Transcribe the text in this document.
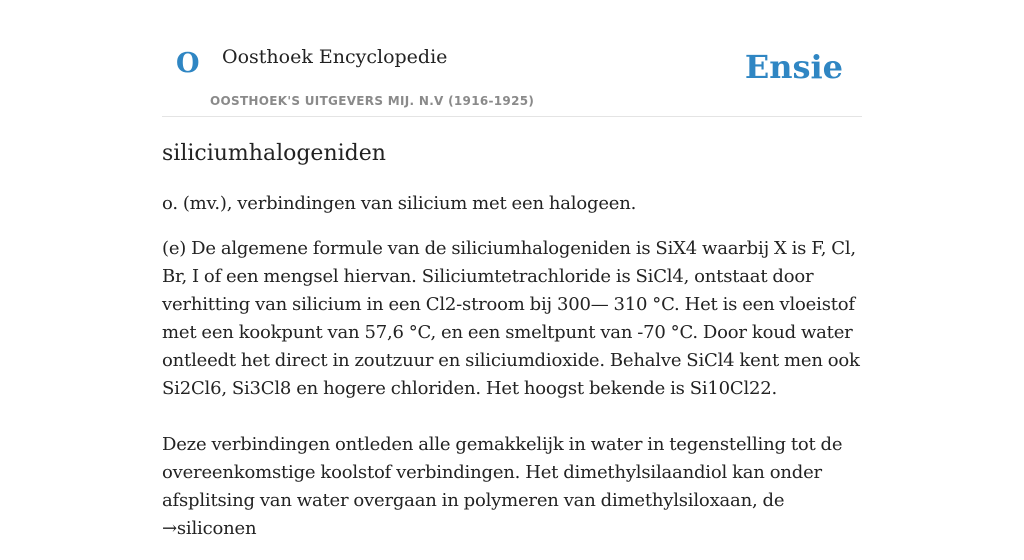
O Oosthoek Encyclopedie
OOSTHOEK'S UITGEVERS MIJ. N.V (1916-1925)
Ensie
siliciumhalogeniden

o. (mv.), verbindingen van silicium met een halogeen.

(e) De algemene formule van de siliciumhalogeniden is SiX4 waarbij X is F, Cl, Br, I of een mengsel hiervan. Siliciumtetrachloride is SiCl4, ontstaat door verhitting van silicium in een Cl2-stroom bij 300— 310 °C. Het is een vloeistof met een kookpunt van 57,6 °C, en een smeltpunt van -70 °C. Door koud water ontleedt het direct in zoutzuur en siliciumdioxide. Behalve SiCl4 kent men ook Si2Cl6, Si3Cl8 en hogere chloriden. Het hoogst bekende is Si10Cl22.

Deze verbindingen ontleden alle gemakkelijk in water in tegenstelling tot de overeenkomstige koolstof verbindingen. Het dimethylsilaandiol kan onder afsplitsing van water overgaan in polymeren van dimethylsiloxaan, de →siliconen
